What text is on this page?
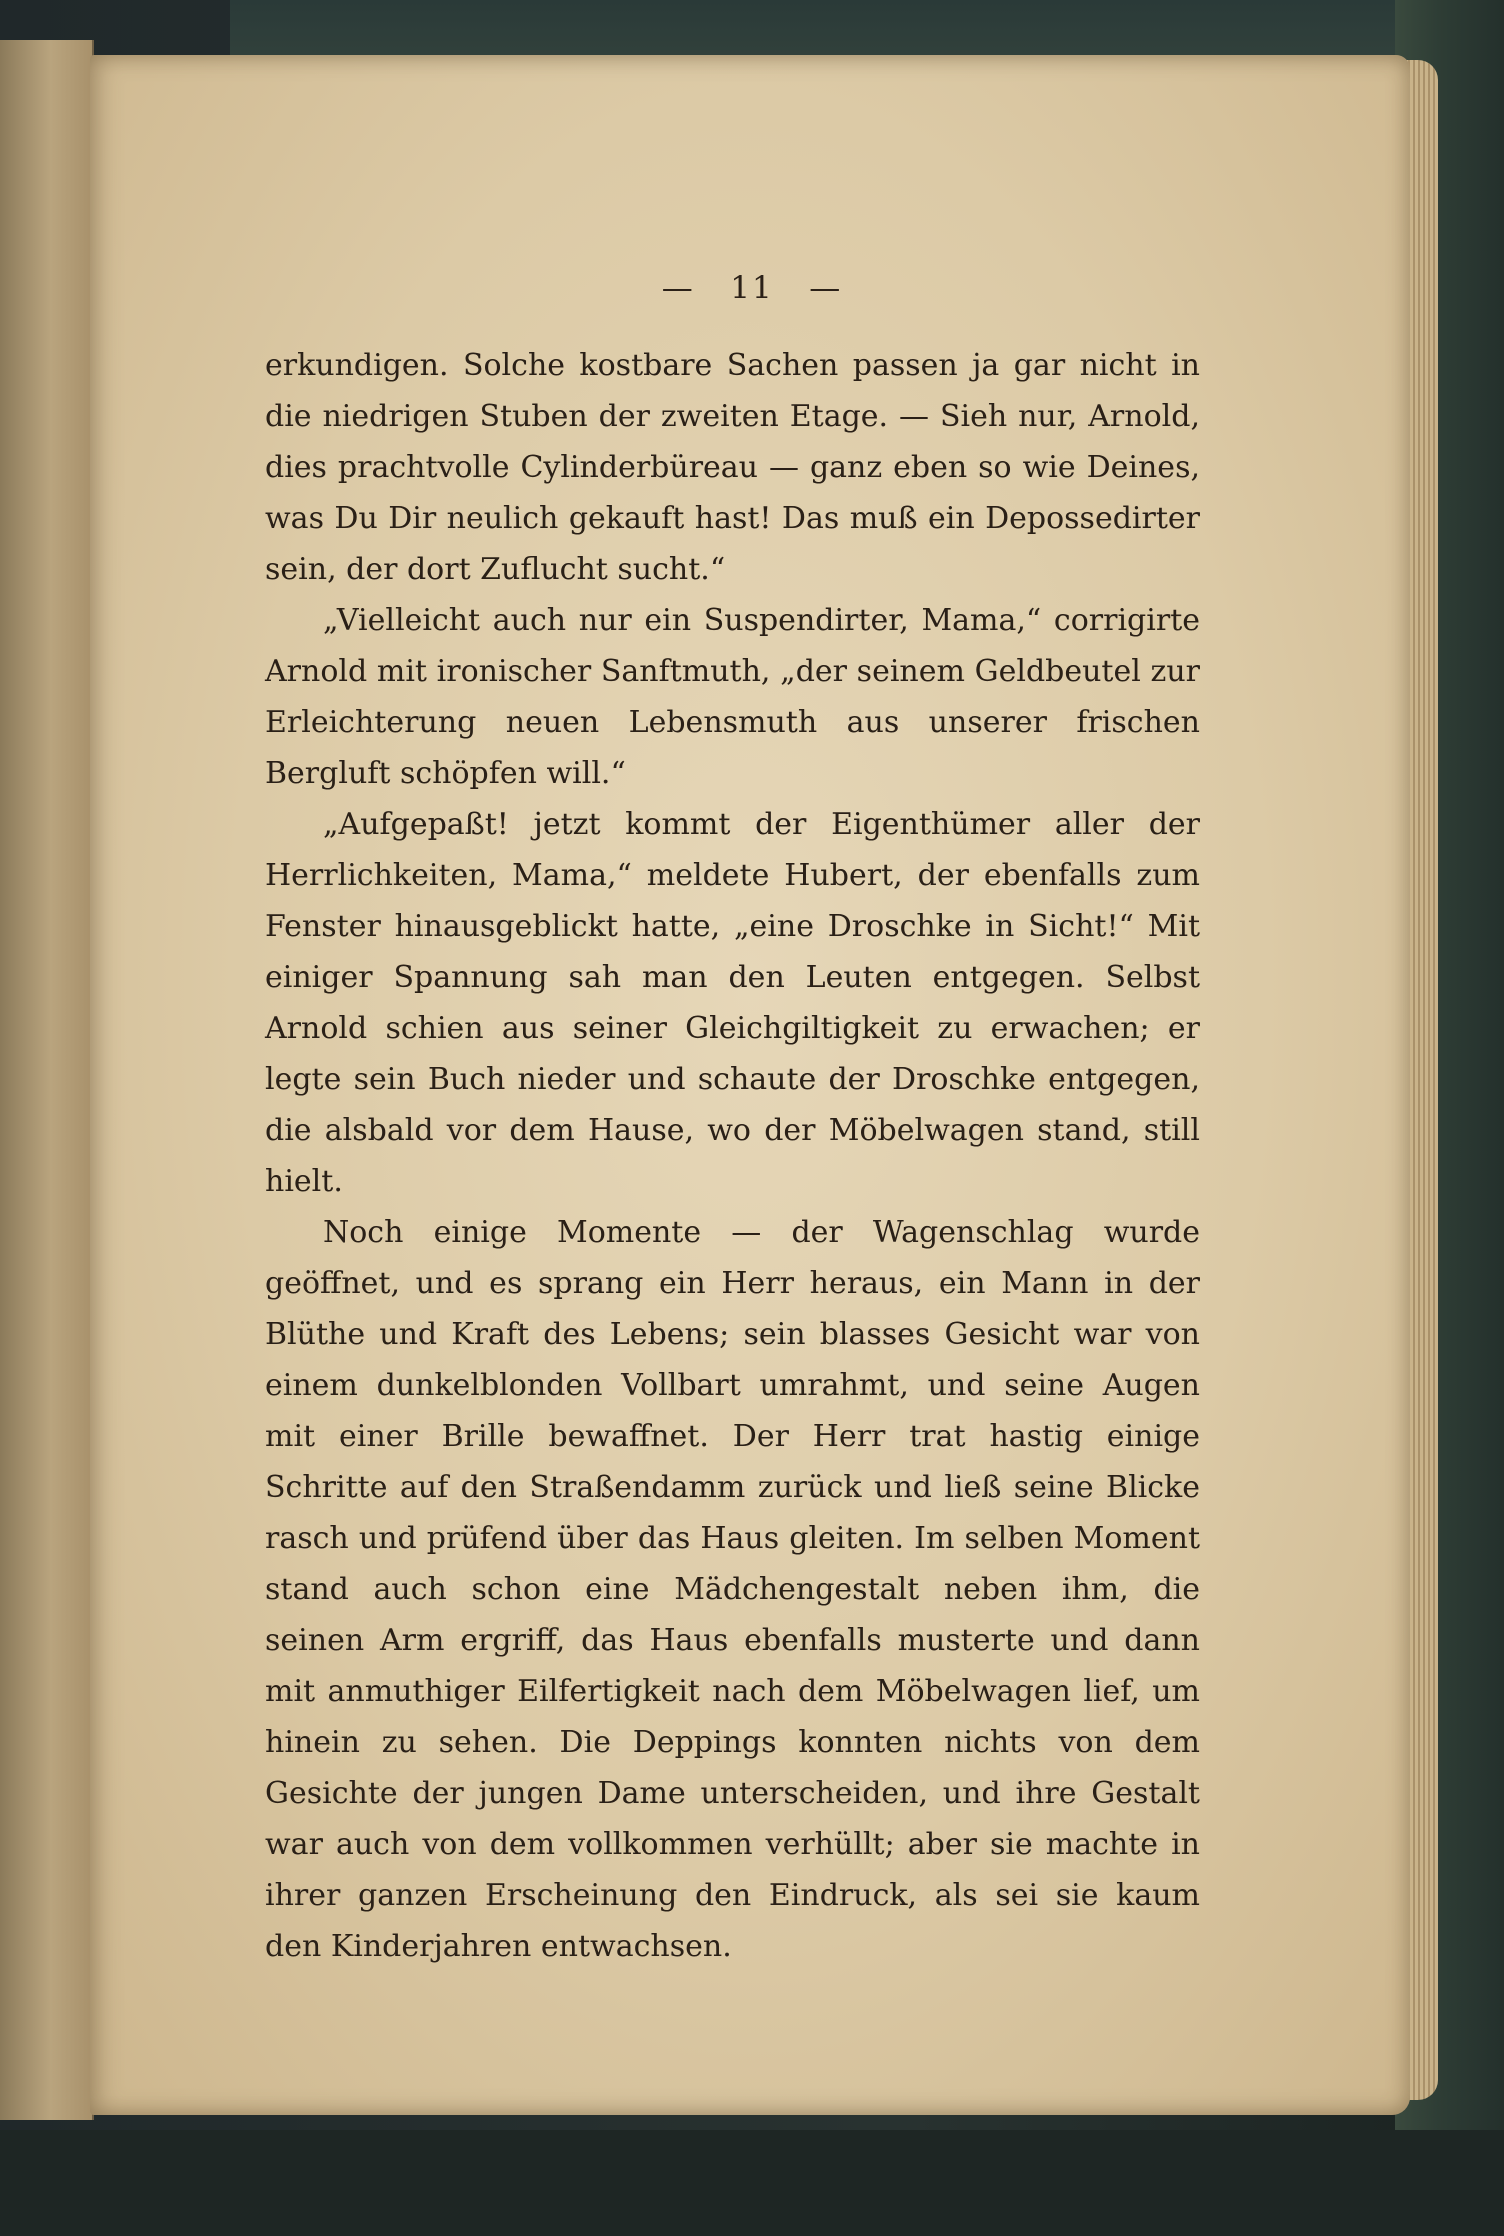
— 11 —

erkundigen. Solche kostbare Sachen passen ja gar nicht in die niedrigen Stuben der zweiten Etage. — Sieh nur, Arnold, dies prachtvolle Cylinderbüreau — ganz eben so wie Deines, was Du Dir neulich gekauft hast! Das muß ein Depossedirter sein, der dort Zuflucht sucht.“

„Vielleicht auch nur ein Suspendirter, Mama,“ corrigirte Arnold mit ironischer Sanftmuth, „der seinem Geldbeutel zur Erleichterung neuen Lebensmuth aus unserer frischen Bergluft schöpfen will.“

„Aufgepaßt! jetzt kommt der Eigenthümer aller der Herrlichkeiten, Mama,“ meldete Hubert, der ebenfalls zum Fenster hinausgeblickt hatte, „eine Droschke in Sicht!“ Mit einiger Spannung sah man den Leuten entgegen. Selbst Arnold schien aus seiner Gleichgiltigkeit zu erwachen; er legte sein Buch nieder und schaute der Droschke entgegen, die alsbald vor dem Hause, wo der Möbelwagen stand, still hielt.

Noch einige Momente — der Wagenschlag wurde geöffnet, und es sprang ein Herr heraus, ein Mann in der Blüthe und Kraft des Lebens; sein blasses Gesicht war von einem dunkelblonden Vollbart umrahmt, und seine Augen mit einer Brille bewaffnet. Der Herr trat hastig einige Schritte auf den Straßendamm zurück und ließ seine Blicke rasch und prüfend über das Haus gleiten. Im selben Moment stand auch schon eine Mädchengestalt neben ihm, die seinen Arm ergriff, das Haus ebenfalls musterte und dann mit anmuthiger Eilfertigkeit nach dem Möbelwagen lief, um hinein zu sehen. Die Deppings konnten nichts von dem Gesichte der jungen Dame unterscheiden, und ihre Gestalt war auch von dem vollkommen verhüllt; aber sie machte in ihrer ganzen Erscheinung den Eindruck, als sei sie kaum den Kinderjahren entwachsen.
